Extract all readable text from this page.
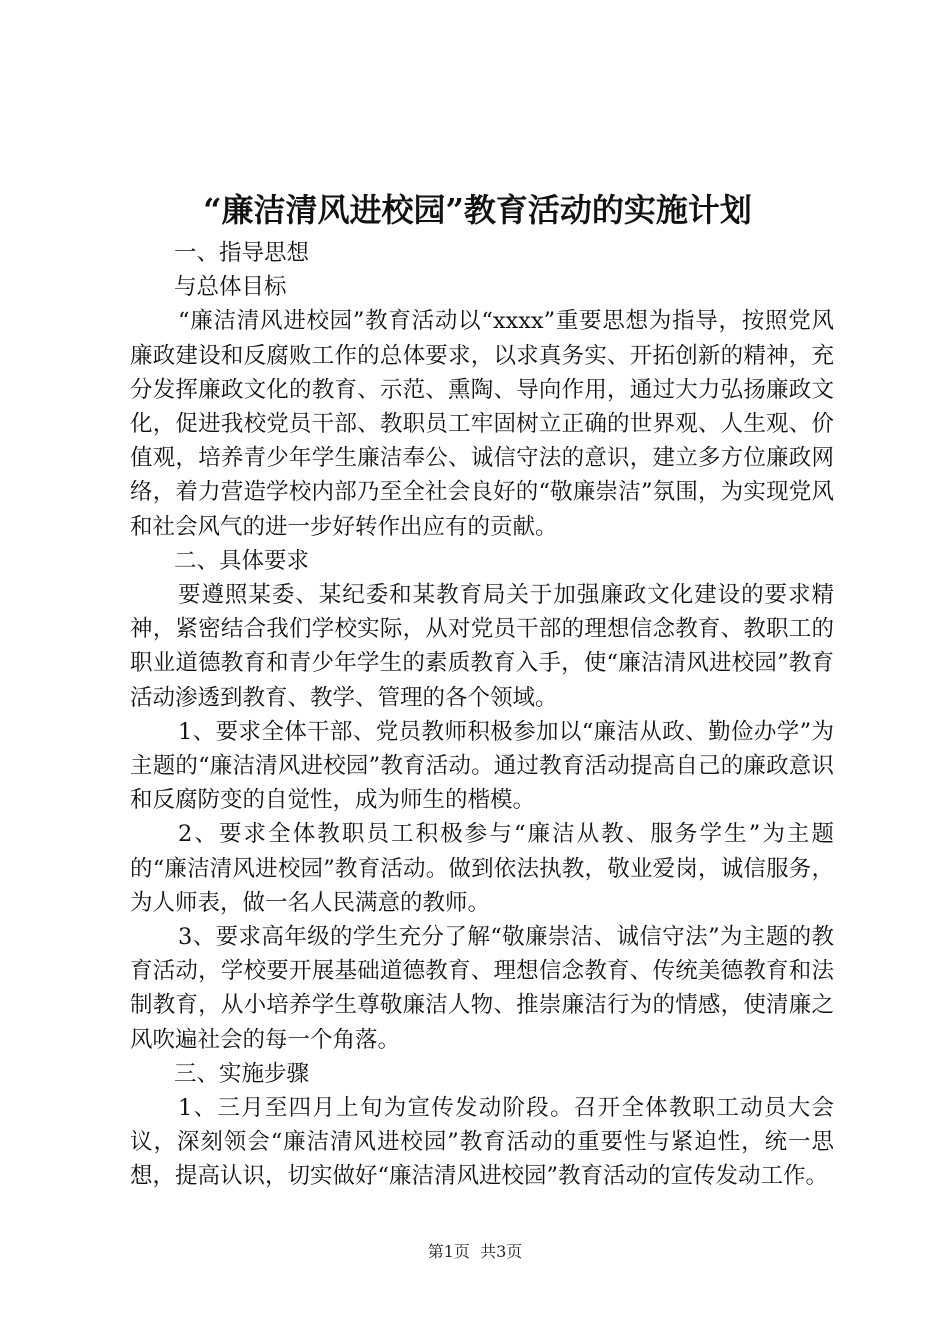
“廉洁清风进校园”教育活动的实施计划

一、指导思想

与总体目标

“廉洁清风进校园”教育活动以“xxxx”重要思想为指导，按照党风廉政建设和反腐败工作的总体要求，以求真务实、开拓创新的精神，充分发挥廉政文化的教育、示范、熏陶、导向作用，通过大力弘扬廉政文化，促进我校党员干部、教职员工牢固树立正确的世界观、人生观、价值观，培养青少年学生廉洁奉公、诚信守法的意识，建立多方位廉政网络，着力营造学校内部乃至全社会良好的“敬廉崇洁”氛围，为实现党风和社会风气的进一步好转作出应有的贡献。

二、具体要求

要遵照某委、某纪委和某教育局关于加强廉政文化建设的要求精神，紧密结合我们学校实际，从对党员干部的理想信念教育、教职工的职业道德教育和青少年学生的素质教育入手，使“廉洁清风进校园”教育活动渗透到教育、教学、管理的各个领域。

1、要求全体干部、党员教师积极参加以“廉洁从政、勤俭办学”为主题的“廉洁清风进校园”教育活动。通过教育活动提高自己的廉政意识和反腐防变的自觉性，成为师生的楷模。

2、要求全体教职员工积极参与“廉洁从教、服务学生”为主题的“廉洁清风进校园”教育活动。做到依法执教，敬业爱岗，诚信服务，为人师表，做一名人民满意的教师。

3、要求高年级的学生充分了解“敬廉崇洁、诚信守法”为主题的教育活动，学校要开展基础道德教育、理想信念教育、传统美德教育和法制教育，从小培养学生尊敬廉洁人物、推崇廉洁行为的情感，使清廉之风吹遍社会的每一个角落。

三、实施步骤

1、三月至四月上旬为宣传发动阶段。召开全体教职工动员大会议，深刻领会“廉洁清风进校园”教育活动的重要性与紧迫性，统一思想，提高认识，切实做好“廉洁清风进校园”教育活动的宣传发动工作。

第1页  共3页
